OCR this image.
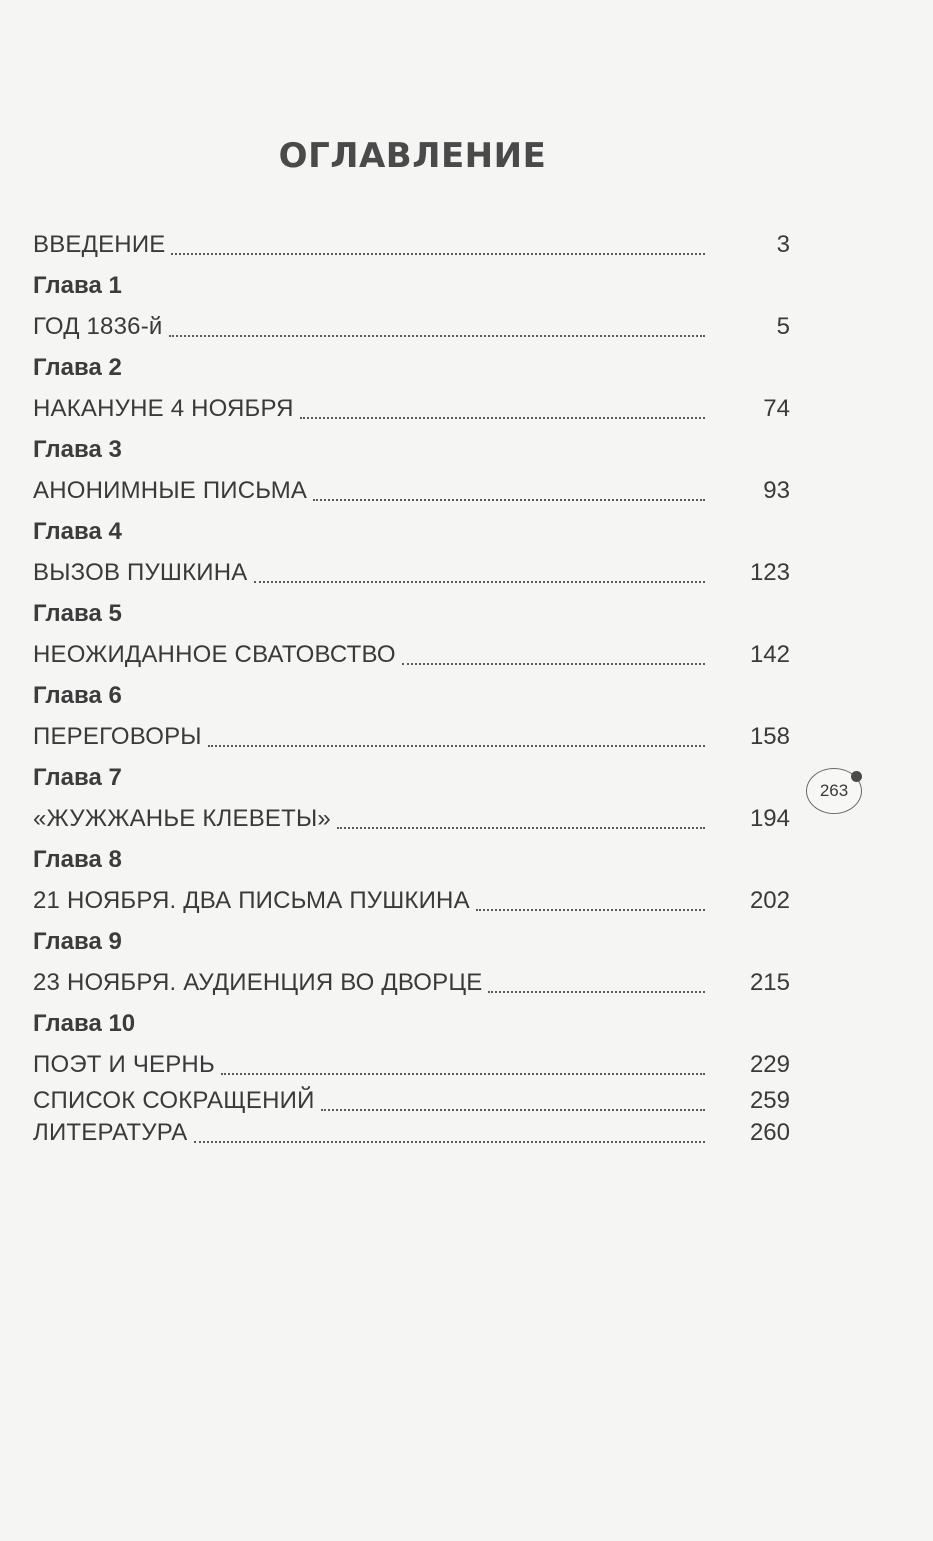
ОГЛАВЛЕНИЕ
ВВЕДЕНИЕ	3
Глава 1
ГОД 1836-й	5
Глава 2
НАКАНУНЕ 4 НОЯБРЯ	74
Глава 3
АНОНИМНЫЕ ПИСЬМА	93
Глава 4
ВЫЗОВ ПУШКИНА	123
Глава 5
НЕОЖИДАННОЕ СВАТОВСТВО	142
Глава 6
ПЕРЕГОВОРЫ	158
Глава 7
«ЖУЖЖАНЬЕ КЛЕВЕТЫ»	194
Глава 8
21 НОЯБРЯ. ДВА ПИСЬМА ПУШКИНА	202
Глава 9
23 НОЯБРЯ. АУДИЕНЦИЯ ВО ДВОРЦЕ	215
Глава 10
ПОЭТ И ЧЕРНЬ	229
СПИСОК СОКРАЩЕНИЙ	259
ЛИТЕРАТУРА	260
263
